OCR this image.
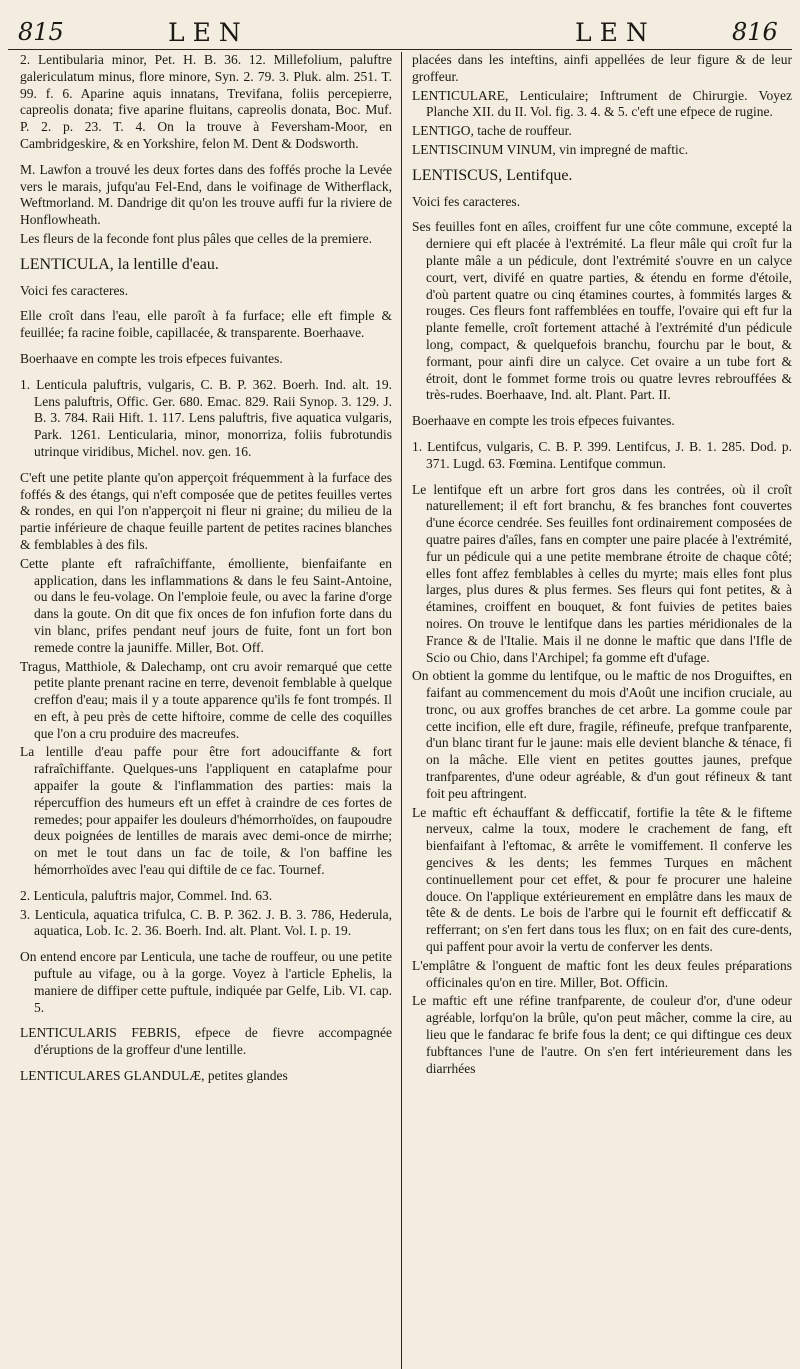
815	LEN	LEN	816

2. Lentibularia minor, Pet. H. B. 36. 12. Millefolium, paluftre galericulatum minus, flore minore, Syn. 2. 79. 3. Pluk. alm. 251. T. 99. f. 6. Aparine aquis innatans, Trevifana, foliis percepierre, capreolis donata; five aparine fluitans, capreolis donata, Boc. Muf. P. 2. p. 23. T. 4. On la trouve à Feversham-Moor, en Cambridgeskire, & en Yorkshire, felon M. Dent & Dodsworth.

M. Lawfon a trouvé les deux fortes dans des foffés proche la Levée vers le marais, jufqu'au Fel-End, dans le voifinage de Witherflack, Weftmorland. M. Dandrige dit qu'on les trouve auffi fur la riviere de Honflowheath.

Les fleurs de la feconde font plus pâles que celles de la premiere.

LENTICULA, la lentille d'eau.

Voici fes caracteres.

Elle croît dans l'eau, elle paroît à fa furface; elle eft fimple & feuillée; fa racine foible, capillacée, & transparente. Boerhaave.

Boerhaave en compte les trois efpeces fuivantes.

1. Lenticula paluftris, vulgaris, C. B. P. 362. Boerh. Ind. alt. 19. Lens paluftris, Offic. Ger. 680. Emac. 829. Raii Synop. 3. 129. J. B. 3. 784. Raii Hift. 1. 117. Lens paluftris, five aquatica vulgaris, Park. 1261. Lenticularia, minor, monorriza, foliis fubrotundis utrinque viridibus, Michel. nov. gen. 16.

C'eft une petite plante qu'on apperçoit fréquemment à la furface des foffés & des étangs, qui n'eft composée que de petites feuilles vertes & rondes, en qui l'on n'apperçoit ni fleur ni graine; du milieu de la partie inférieure de chaque feuille partent de petites racines blanches & femblables à des fils.

Cette plante eft rafraîchiffante, émolliente, bienfaifante en application, dans les inflammations & dans le feu Saint-Antoine, ou dans le feu-volage. On l'emploie feule, ou avec la farine d'orge dans la goute. On dit que fix onces de fon infufion forte dans du vin blanc, prifes pendant neuf jours de fuite, font un fort bon remede contre la jauniffe. Miller, Bot. Off.

Tragus, Matthiole, & Dalechamp, ont cru avoir remarqué que cette petite plante prenant racine en terre, devenoit femblable à quelque creffon d'eau; mais il y a toute apparence qu'ils fe font trompés. Il en eft, à peu près de cette hiftoire, comme de celle des coquilles que l'on a cru produire des macreufes.

La lentille d'eau paffe pour être fort adouciffante & fort rafraîchiffante. Quelques-uns l'appliquent en cataplafme pour appaifer la goute & l'inflammation des parties: mais la répercuffion des humeurs eft un effet à craindre de ces fortes de remedes; pour appaifer les douleurs d'hémorrhoïdes, on faupoudre deux poignées de lentilles de marais avec demi-once de mirrhe; on met le tout dans un fac de toile, & l'on baffine les hémorrhoïdes avec l'eau qui diftile de ce fac. Tournef.

2. Lenticula, paluftris major, Commel. Ind. 63.

3. Lenticula, aquatica trifulca, C. B. P. 362. J. B. 3. 786, Hederula, aquatica, Lob. Ic. 2. 36. Boerh. Ind. alt. Plant. Vol. I. p. 19.

On entend encore par Lenticula, une tache de rouffeur, ou une petite puftule au vifage, ou à la gorge. Voyez à l'article Ephelis, la maniere de diffiper cette puftule, indiquée par Gelfe, Lib. VI. cap. 5.

LENTICULARIS FEBRIS, efpece de fievre accompagnée d'éruptions de la groffeur d'une lentille.

LENTICULARES GLANDULÆ, petites glandes

placées dans les inteftins, ainfi appellées de leur figure & de leur groffeur.

LENTICULARE, Lenticulaire; Inftrument de Chirurgie. Voyez Planche XII. du II. Vol. fig. 3. 4. & 5. c'eft une efpece de rugine.

LENTIGO, tache de rouffeur.

LENTISCINUM VINUM, vin impregné de maftic.

LENTISCUS, Lentifque.

Voici fes caracteres.

Ses feuilles font en aîles, croiffent fur une côte commune, excepté la derniere qui eft placée à l'extrémité. La fleur mâle qui croît fur la plante mâle a un pédicule, dont l'extrémité s'ouvre en un calyce court, vert, divifé en quatre parties, & étendu en forme d'étoile, d'où partent quatre ou cinq étamines courtes, à fommités larges & rouges. Ces fleurs font raffemblées en touffe, l'ovaire qui eft fur la plante femelle, croît fortement attaché à l'extrémité d'un pédicule long, compact, & quelquefois branchu, fourchu par le bout, & formant, pour ainfi dire un calyce. Cet ovaire a un tube fort & étroit, dont le fommet forme trois ou quatre levres rebrouffées & très-rudes. Boerhaave, Ind. alt. Plant. Part. II.

Boerhaave en compte les trois efpeces fuivantes.

1. Lentifcus, vulgaris, C. B. P. 399. Lentifcus, J. B. 1. 285. Dod. p. 371. Lugd. 63. Fœmina. Lentifque commun.

Le lentifque eft un arbre fort gros dans les contrées, où il croît naturellement; il eft fort branchu, & fes branches font couvertes d'une écorce cendrée. Ses feuilles font ordinairement composées de quatre paires d'aîles, fans en compter une paire placée à l'extrémité, fur un pédicule qui a une petite membrane étroite de chaque côté; elles font affez femblables à celles du myrte; mais elles font plus larges, plus dures & plus fermes. Ses fleurs qui font petites, & à étamines, croiffent en bouquet, & font fuivies de petites baies noires. On trouve le lentifque dans les parties méridionales de la France & de l'Italie. Mais il ne donne le maftic que dans l'Ifle de Scio ou Chio, dans l'Archipel; fa gomme eft d'ufage.

On obtient la gomme du lentifque, ou le maftic de nos Droguiftes, en faifant au commencement du mois d'Août une incifion cruciale, au tronc, ou aux groffes branches de cet arbre. La gomme coule par cette incifion, elle eft dure, fragile, réfineufe, prefque tranfparente, d'un blanc tirant fur le jaune: mais elle devient blanche & ténace, fi on la mâche. Elle vient en petites gouttes jaunes, prefque tranfparentes, d'une odeur agréable, & d'un gout réfineux & tant foit peu aftringent.

Le maftic eft échauffant & defficcatif, fortifie la tête & le fifteme nerveux, calme la toux, modere le crachement de fang, eft bienfaifant à l'eftomac, & arrête le vomiffement. Il conferve les gencives & les dents; les femmes Turques en mâchent continuellement pour cet effet, & pour fe procurer une haleine douce. On l'applique extérieurement en emplâtre dans les maux de tête & de dents. Le bois de l'arbre qui le fournit eft defficcatif & refferrant; on s'en fert dans tous les flux; on en fait des cure-dents, qui paffent pour avoir la vertu de conferver les dents.

L'emplâtre & l'onguent de maftic font les deux feules préparations officinales qu'on en tire. Miller, Bot. Officin.

Le maftic eft une réfine tranfparente, de couleur d'or, d'une odeur agréable, lorfqu'on la brûle, qu'on peut mâcher, comme la cire, au lieu que le fandarac fe brife fous la dent; ce qui diftingue ces deux fubftances l'une de l'autre. On s'en fert intérieurement dans les diarrhées
